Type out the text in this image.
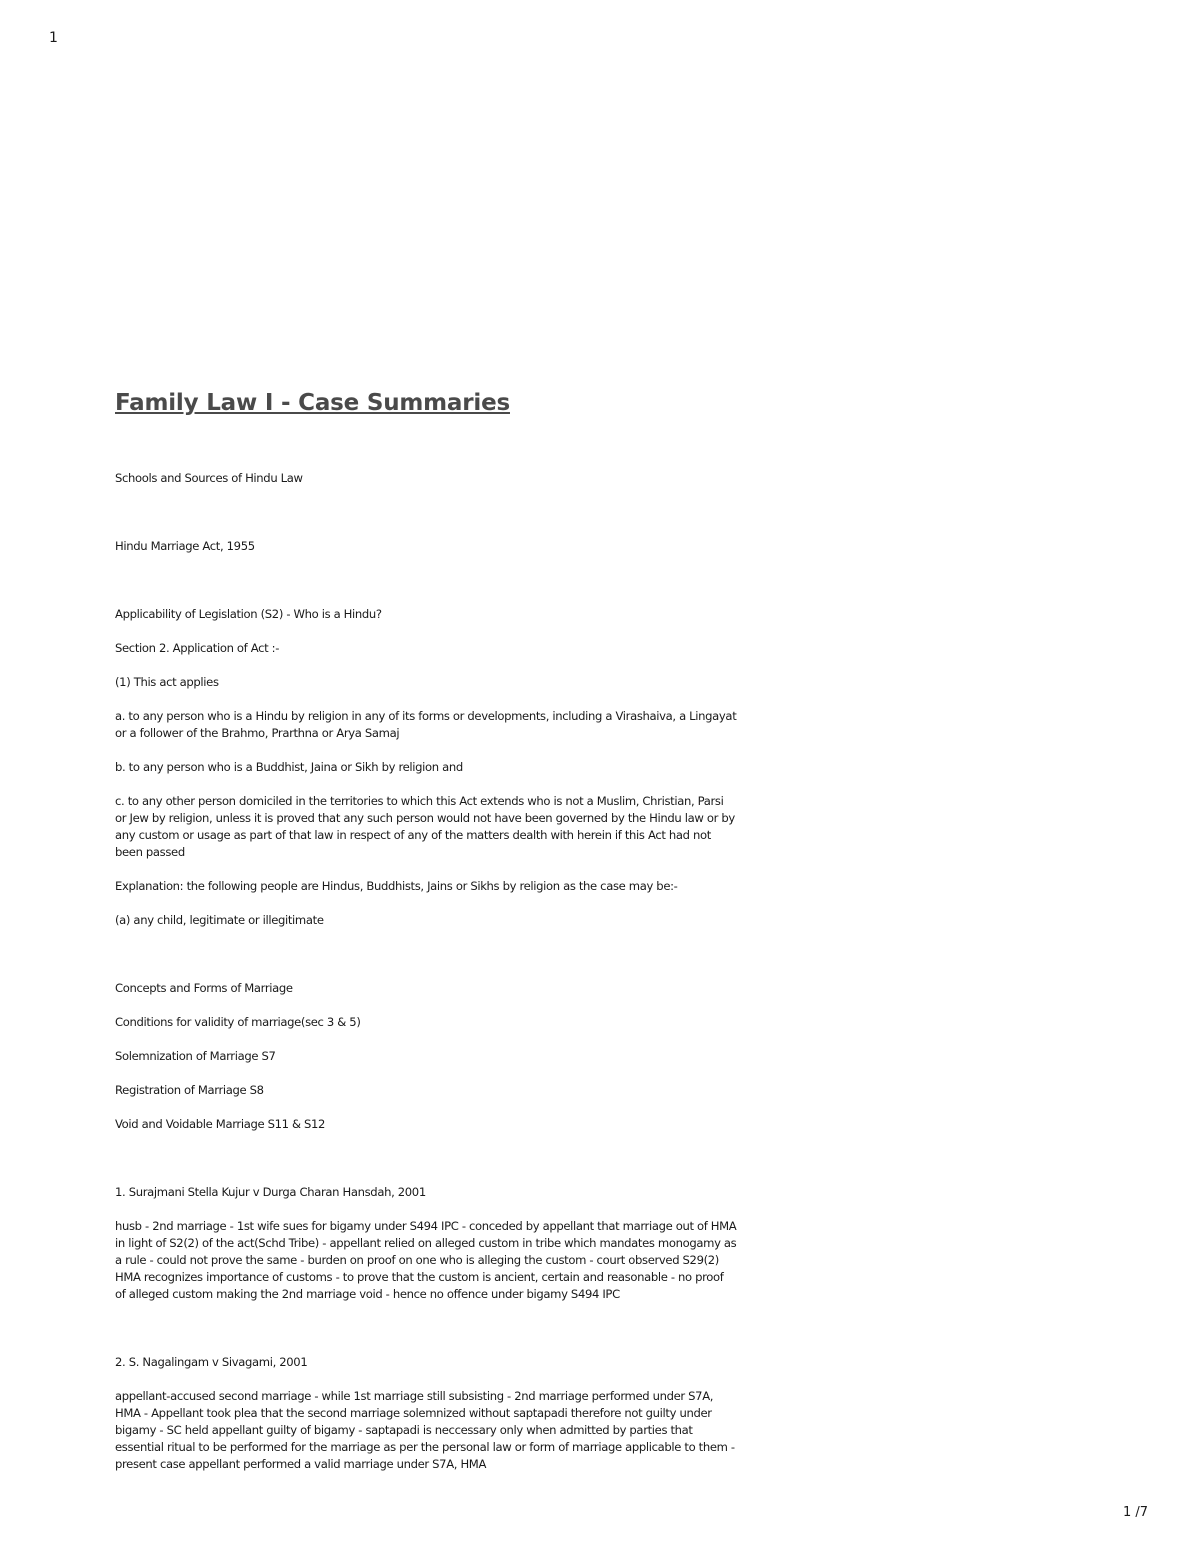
1
Family Law I - Case Summaries

Schools and Sources of Hindu Law

Hindu Marriage Act, 1955

Applicability of Legislation (S2) - Who is a Hindu?

Section 2. Application of Act :-

(1) This act applies

a. to any person who is a Hindu by religion in any of its forms or developments, including a Virashaiva, a Lingayat or a follower of the Brahmo, Prarthna or Arya Samaj

b. to any person who is a Buddhist, Jaina or Sikh by religion and

c. to any other person domiciled in the territories to which this Act extends who is not a Muslim, Christian, Parsi or Jew by religion, unless it is proved that any such person would not have been governed by the Hindu law or by any custom or usage as part of that law in respect of any of the matters dealth with herein if this Act had not been passed

Explanation: the following people are Hindus, Buddhists, Jains or Sikhs by religion as the case may be:-

(a) any child, legitimate or illegitimate

Concepts and Forms of Marriage

Conditions for validity of marriage(sec 3 & 5)

Solemnization of Marriage S7

Registration of Marriage S8

Void and Voidable Marriage S11 & S12

1. Surajmani Stella Kujur v Durga Charan Hansdah, 2001

husb - 2nd marriage - 1st wife sues for bigamy under S494 IPC - conceded by appellant that marriage out of HMA in light of S2(2) of the act(Schd Tribe) - appellant relied on alleged custom in tribe which mandates monogamy as a rule - could not prove the same - burden on proof on one who is alleging the custom - court observed S29(2) HMA recognizes importance of customs - to prove that the custom is ancient, certain and reasonable - no proof of alleged custom making the 2nd marriage void - hence no offence under bigamy S494 IPC

2. S. Nagalingam v Sivagami, 2001

appellant-accused second marriage - while 1st marriage still subsisting - 2nd marriage performed under S7A, HMA - Appellant took plea that the second marriage solemnized without saptapadi therefore not guilty under bigamy - SC held appellant guilty of bigamy - saptapadi is neccessary only when admitted by parties that essential ritual to be performed for the marriage as per the personal law or form of marriage applicable to them - present case appellant performed a valid marriage under S7A, HMA

1 /7
